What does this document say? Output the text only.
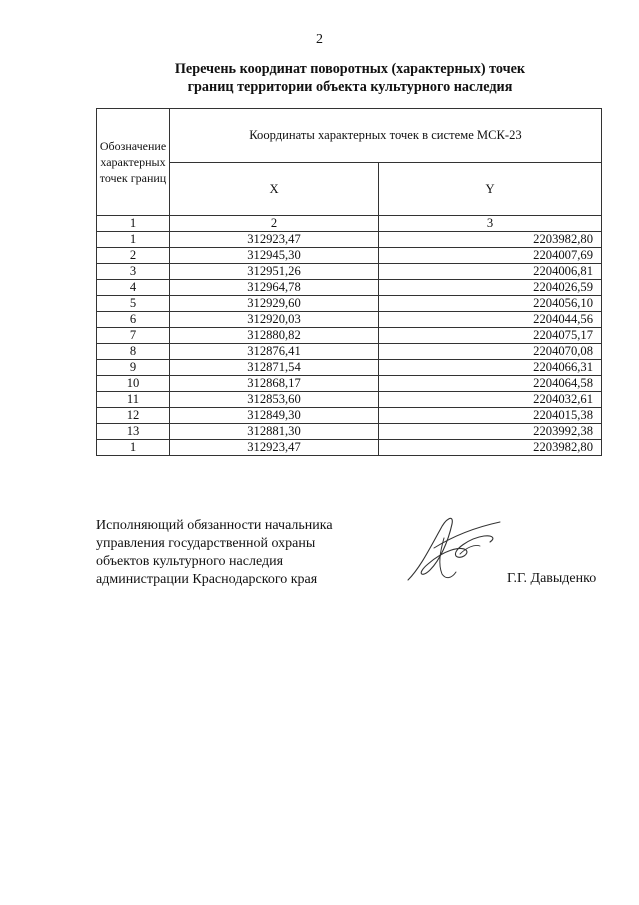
2
Перечень координат поворотных (характерных) точек
границ территории объекта культурного наследия
Обозначение
характерных
точек границ	Координаты характерных точек в системе МСК-23	
	X	Y
1	2	3
1	312923,47	2203982,80
2	312945,30	2204007,69
3	312951,26	2204006,81
4	312964,78	2204026,59
5	312929,60	2204056,10
6	312920,03	2204044,56
7	312880,82	2204075,17
8	312876,41	2204070,08
9	312871,54	2204066,31
10	312868,17	2204064,58
11	312853,60	2204032,61
12	312849,30	2204015,38
13	312881,30	2203992,38
1	312923,47	2203982,80
Исполняющий обязанности начальника
управления государственной охраны
объектов культурного наследия
администрации Краснодарского края	Г.Г. Давыденко
